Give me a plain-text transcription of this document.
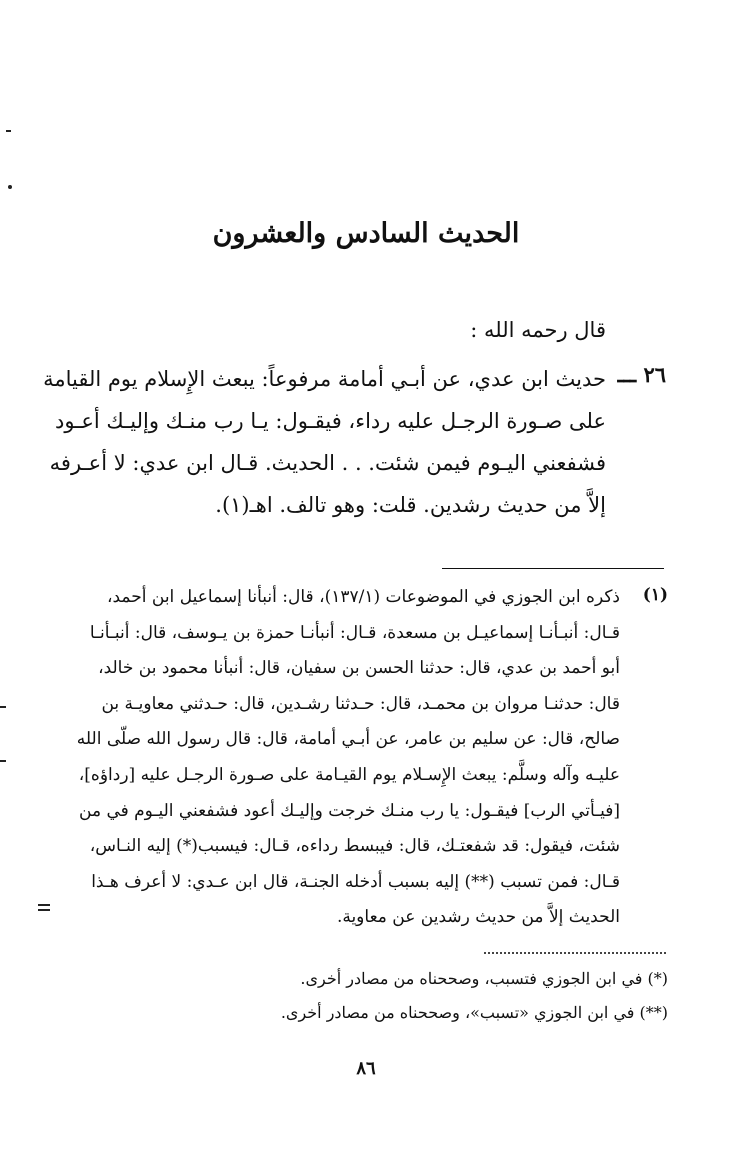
الحديث السادس والعشرون
قال رحمه الله :
٢٦ ـــ
حديث ابن عدي، عن أبـي أمامة مرفوعاً: يبعث الإِسلام يوم القيامة
على صـورة الرجـل عليه رداء، فيقـول: يـا رب منـك وإليـك أعـود
فشفعني اليـوم فيمن شئت. . . الحديث. قـال ابن عدي: لا أعـرفه
إلاَّ من حديث رشدين. قلت: وهو تالف. اهـ(١).
(١)
ذكره ابن الجوزي في الموضوعات (١٣٧/١)، قال: أنبأنا إسماعيل ابن أحمد،
قـال: أنبـأنـا إسماعيـل بن مسعدة، قـال: أنبأنـا حمزة بن يـوسف، قال: أنبـأنـا
أبو أحمد بن عدي، قال: حدثنا الحسن بن سفيان، قال: أنبأنا محمود بن خالد،
قال: حدثنـا مروان بن محمـد، قال: حـدثنا رشـدين، قال: حـدثني معاويـة بن
صالح، قال: عن سليم بن عامر، عن أبـي أمامة، قال: قال رسول الله صلّى الله
عليـه وآله وسلَّم: يبعث الإِسـلام يوم القيـامة على صـورة الرجـل عليه [رداؤه]،
[فيـأتي الرب] فيقـول: يا رب منـك خرجت وإليـك أعود فشفعني اليـوم في من
شئت، فيقول: قد شفعتـك، قال: فيبسط رداءه، قـال: فيسبب(*) إليه النـاس،
قـال: فمن تسبب (**) إليه بسبب أدخله الجنـة، قال ابن عـدي: لا أعرف هـذا
الحديث إلاَّ من حديث رشدين عن معاوية.
(*) في ابن الجوزي فتسبب، وصححناه من مصادر أخرى.
(**) في ابن الجوزي «تسبب»، وصححناه من مصادر أخرى.
٨٦
